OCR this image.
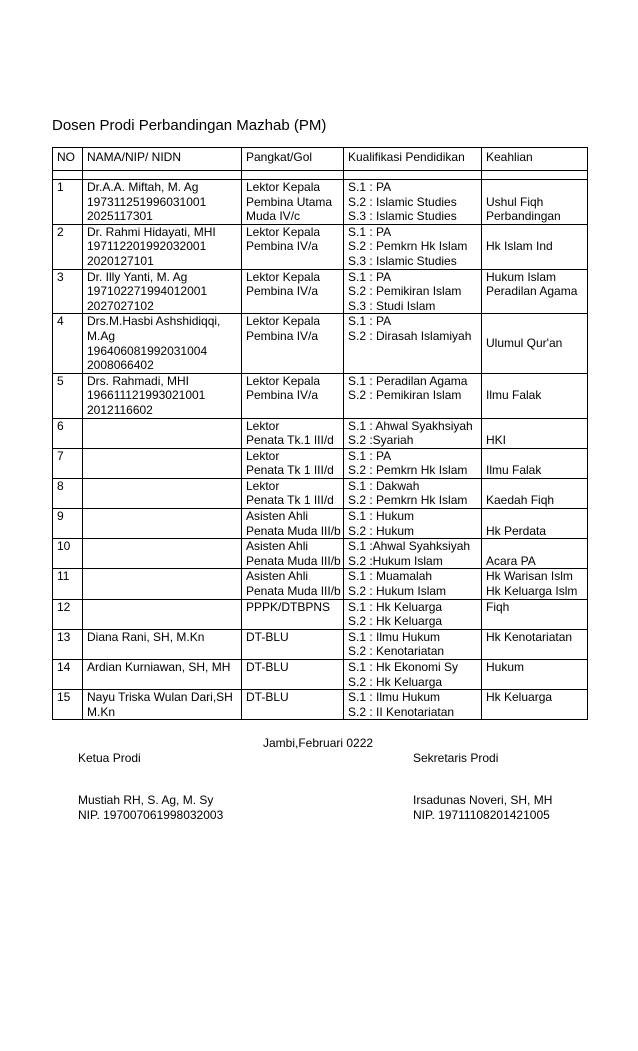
Dosen Prodi Perbandingan Mazhab (PM)
NO	NAMA/NIP/ NIDN	Pangkat/Gol	Kualifikasi Pendidikan	Keahlian

1	Dr.A.A. Miftah, M. Ag
197311251996031001
2025117301	Lektor Kepala
Pembina Utama
Muda IV/c	S.1 : PA
S.2 : Islamic Studies
S.3 : Islamic Studies	Ushul Fiqh
Perbandingan

2	Dr. Rahmi Hidayati, MHI
197112201992032001
2020127101	Lektor Kepala
Pembina IV/a	S.1 : PA
S.2 : Pemkrn Hk Islam
S.3 : Islamic Studies	Hk Islam Ind

3	Dr. Illy Yanti, M. Ag
197102271994012001
2027027102	Lektor Kepala
Pembina IV/a	S.1 : PA
S.2 : Pemikiran Islam
S.3 : Studi Islam	Hukum Islam
Peradilan Agama

4	Drs.M.Hasbi Ashshidiqqi,
M.Ag
196406081992031004
2008066402	Lektor Kepala
Pembina IV/a	S.1 : PA
S.2 : Dirasah Islamiyah	Ulumul Qur'an

5	Drs. Rahmadi, MHI
196611121993021001
2012116602	Lektor Kepala
Pembina IV/a	S.1 : Peradilan Agama
S.2 : Pemikiran Islam	Ilmu Falak

6		Lektor
Penata Tk.1 III/d	S.1 : Ahwal Syakhsiyah
S.2 :Syariah	HKI

7		Lektor
Penata Tk 1 III/d	S.1 : PA
S.2 : Pemkrn Hk Islam	Ilmu Falak

8		Lektor
Penata Tk 1 III/d	S.1 : Dakwah
S.2 : Pemkrn Hk Islam	Kaedah Fiqh

9		Asisten Ahli
Penata Muda III/b	S.1 : Hukum
S.2 : Hukum	Hk Perdata

10		Asisten Ahli
Penata Muda III/b	S.1 :Ahwal Syahksiyah
S.2 :Hukum Islam	Acara PA

11		Asisten Ahli
Penata Muda III/b	S.1 : Muamalah
S.2 : Hukum Islam	Hk Warisan Islm
Hk Keluarga Islm

12		PPPK/DTBPNS	S.1 : Hk Keluarga
S.2 : Hk Keluarga	Fiqh

13	Diana Rani, SH, M.Kn	DT-BLU	S.1 : Ilmu Hukum
S.2 : Kenotariatan	Hk Kenotariatan

14	Ardian Kurniawan, SH, MH	DT-BLU	S.1 : Hk Ekonomi Sy
S.2 : Hk Keluarga	Hukum

15	Nayu Triska Wulan Dari,SH
M.Kn	DT-BLU	S.1 : Ilmu Hukum
S.2 : II Kenotariatan	Hk Keluarga
Jambi,Februari 0222
Ketua Prodi	Sekretaris Prodi
Mustiah RH, S. Ag, M. Sy
NIP. 197007061998032003
Irsadunas Noveri, SH, MH
NIP. 19711108201421005
